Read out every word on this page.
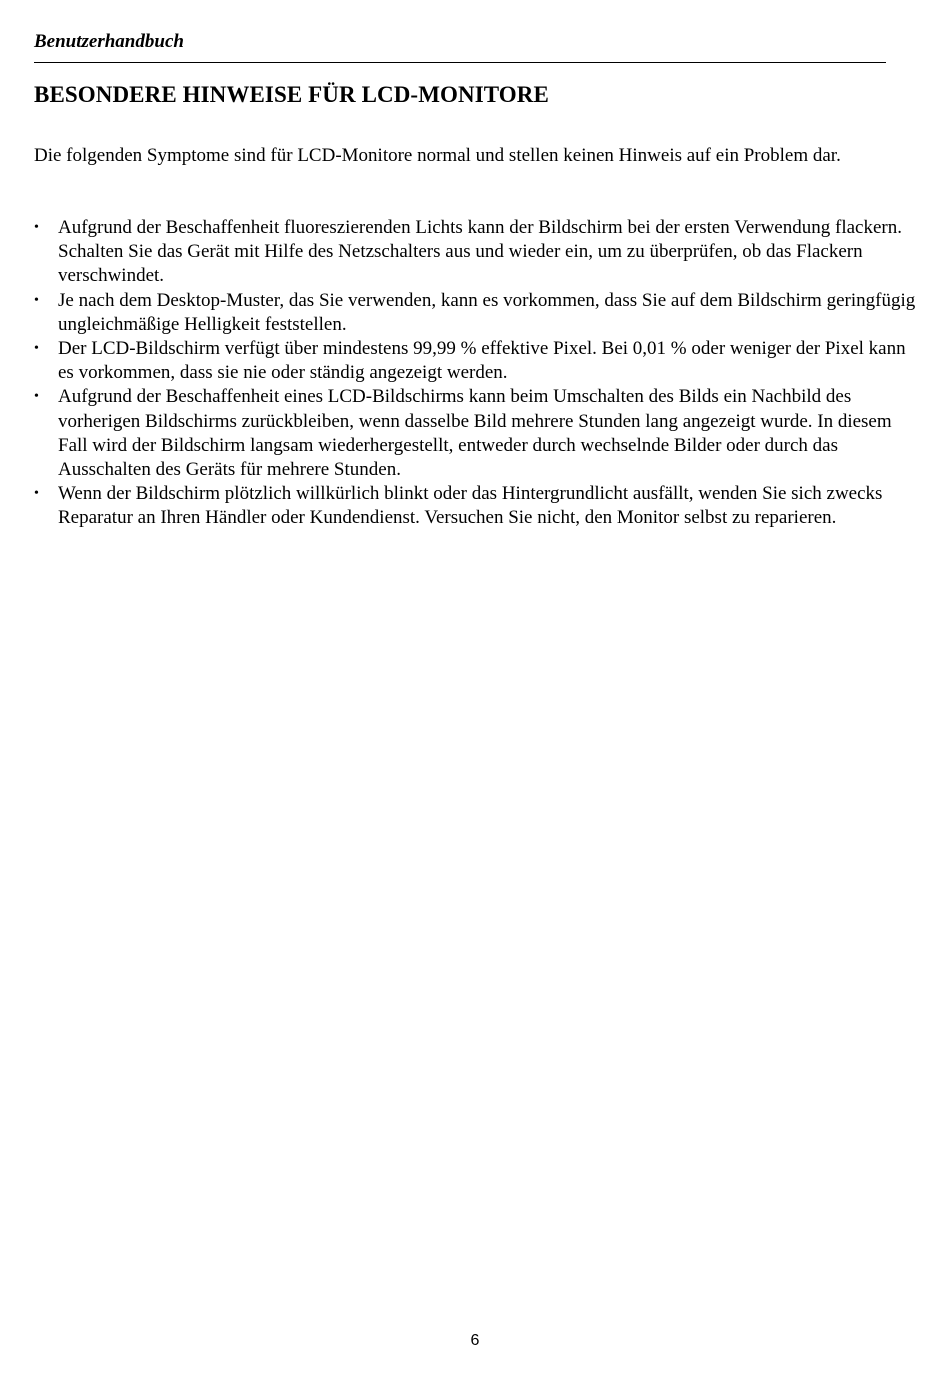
Benutzerhandbuch
BESONDERE HINWEISE FÜR LCD-MONITORE

Die folgenden Symptome sind für LCD-Monitore normal und stellen keinen Hinweis auf ein Problem dar.

• Aufgrund der Beschaffenheit fluoreszierenden Lichts kann der Bildschirm bei der ersten Verwendung flackern. Schalten Sie das Gerät mit Hilfe des Netzschalters aus und wieder ein, um zu überprüfen, ob das Flackern verschwindet.
• Je nach dem Desktop-Muster, das Sie verwenden, kann es vorkommen, dass Sie auf dem Bildschirm geringfügig ungleichmäßige Helligkeit feststellen.
• Der LCD-Bildschirm verfügt über mindestens 99,99 % effektive Pixel. Bei 0,01 % oder weniger der Pixel kann es vorkommen, dass sie nie oder ständig angezeigt werden.
• Aufgrund der Beschaffenheit eines LCD-Bildschirms kann beim Umschalten des Bilds ein Nachbild des vorherigen Bildschirms zurückbleiben, wenn dasselbe Bild mehrere Stunden lang angezeigt wurde. In diesem Fall wird der Bildschirm langsam wiederhergestellt, entweder durch wechselnde Bilder oder durch das Ausschalten des Geräts für mehrere Stunden.
• Wenn der Bildschirm plötzlich willkürlich blinkt oder das Hintergrundlicht ausfällt, wenden Sie sich zwecks Reparatur an Ihren Händler oder Kundendienst. Versuchen Sie nicht, den Monitor selbst zu reparieren.
6
